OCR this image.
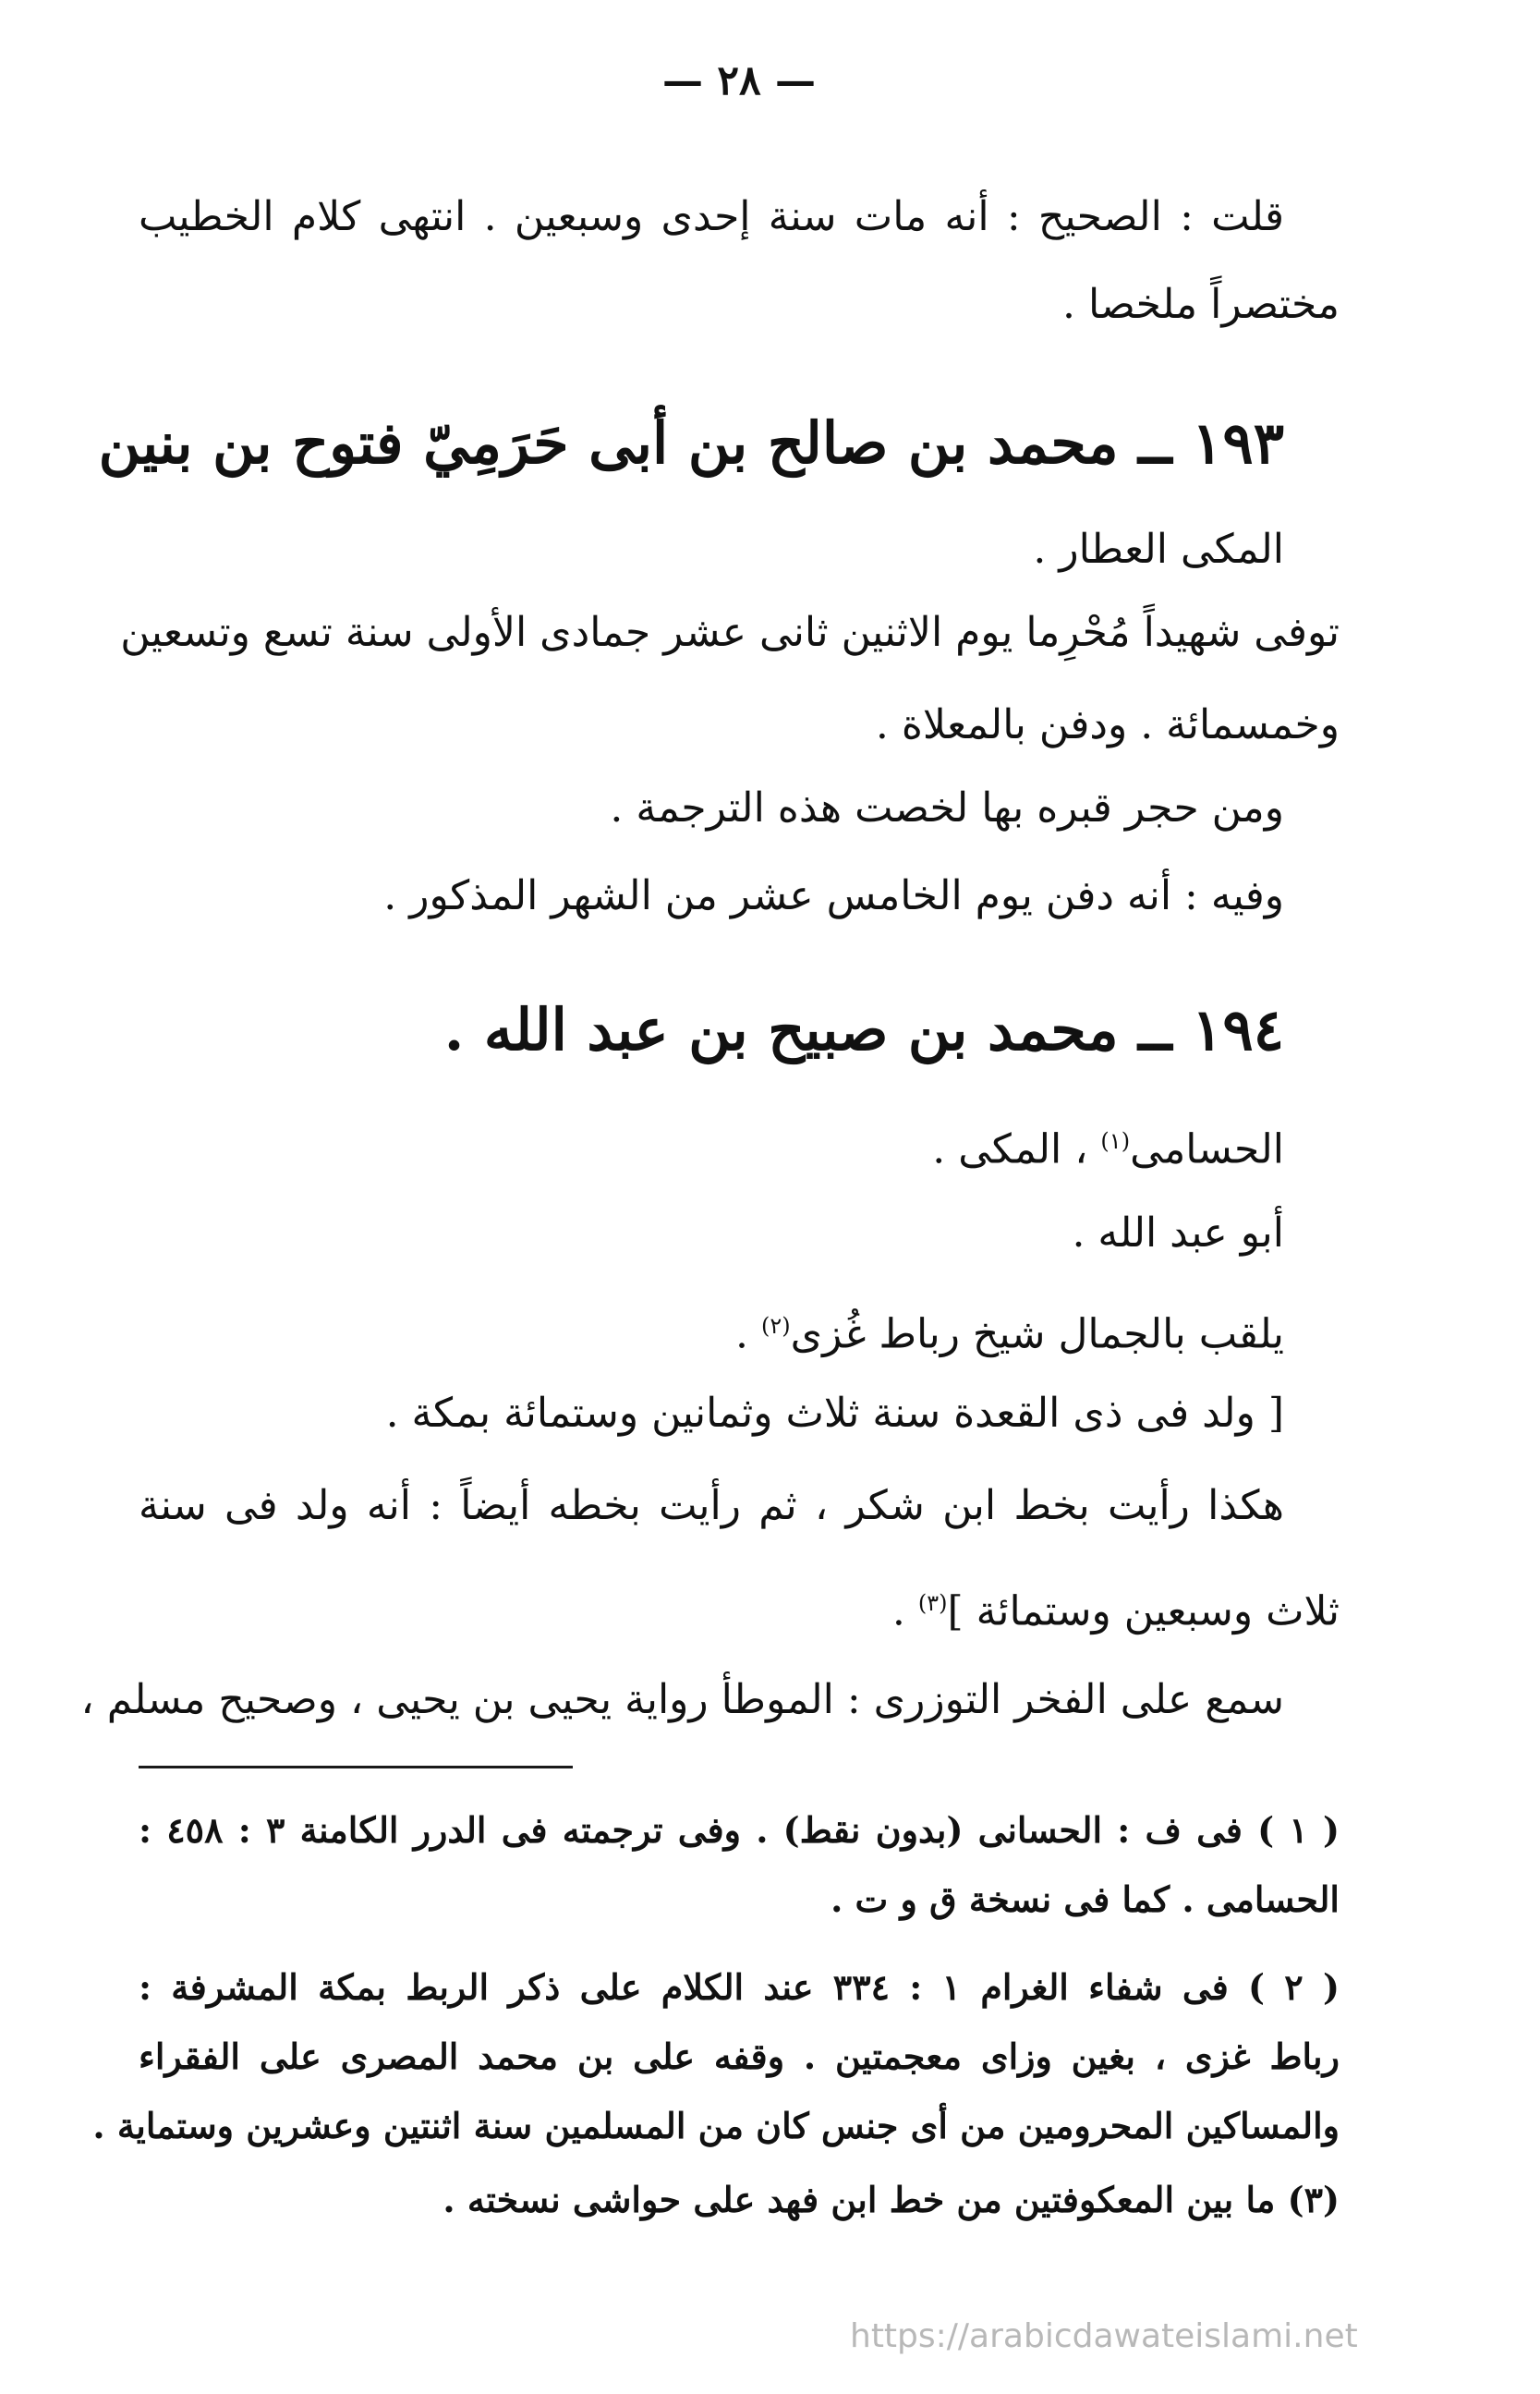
— ٢٨ —
قلت : الصحيح : أنه مات سنة إحدى وسبعين . انتهى كلام الخطيب
مختصراً ملخصا .
١٩٣ ــ محمد بن صالح بن أبى حَرَمِيّ فتوح بن بنين
المكى العطار .
توفى شهيداً مُحْرِما يوم الاثنين ثانى عشر جمادى الأولى سنة تسع وتسعين
وخمسمائة . ودفن بالمعلاة .
ومن حجر قبره بها لخصت هذه الترجمة .
وفيه : أنه دفن يوم الخامس عشر من الشهر المذكور .
١٩٤ ــ محمد بن صبيح بن عبد الله .
الحسامى$^{(١)}$ ، المكى .
أبو عبد الله .
يلقب بالجمال شيخ رباط غُزى$^{(٢)}$ .
[ ولد فى ذى القعدة سنة ثلاث وثمانين وستمائة بمكة .
هكذا رأيت بخط ابن شكر ، ثم رأيت بخطه أيضاً : أنه ولد فى سنة
ثلاث وسبعين وستمائة ]$^{(٣)}$ .
سمع على الفخر التوزرى : الموطأ رواية يحيى بن يحيى ، وصحيح مسلم ،
( ١ ) فى ف : الحسانى (بدون نقط) . وفى ترجمته فى الدرر الكامنة ٣ : ٤٥٨ :
الحسامى . كما فى نسخة ق و ت .
( ٢ ) فى شفاء الغرام ١ : ٣٣٤ عند الكلام على ذكر الربط بمكة المشرفة :
رباط غزى ، بغين وزاى معجمتين . وقفه على بن محمد المصرى على الفقراء
والمساكين المحرومين من أى جنس كان من المسلمين سنة اثنتين وعشرين وستماية .
(٣) ما بين المعكوفتين من خط ابن فهد على حواشى نسخته .
https://arabicdawateislami.net
